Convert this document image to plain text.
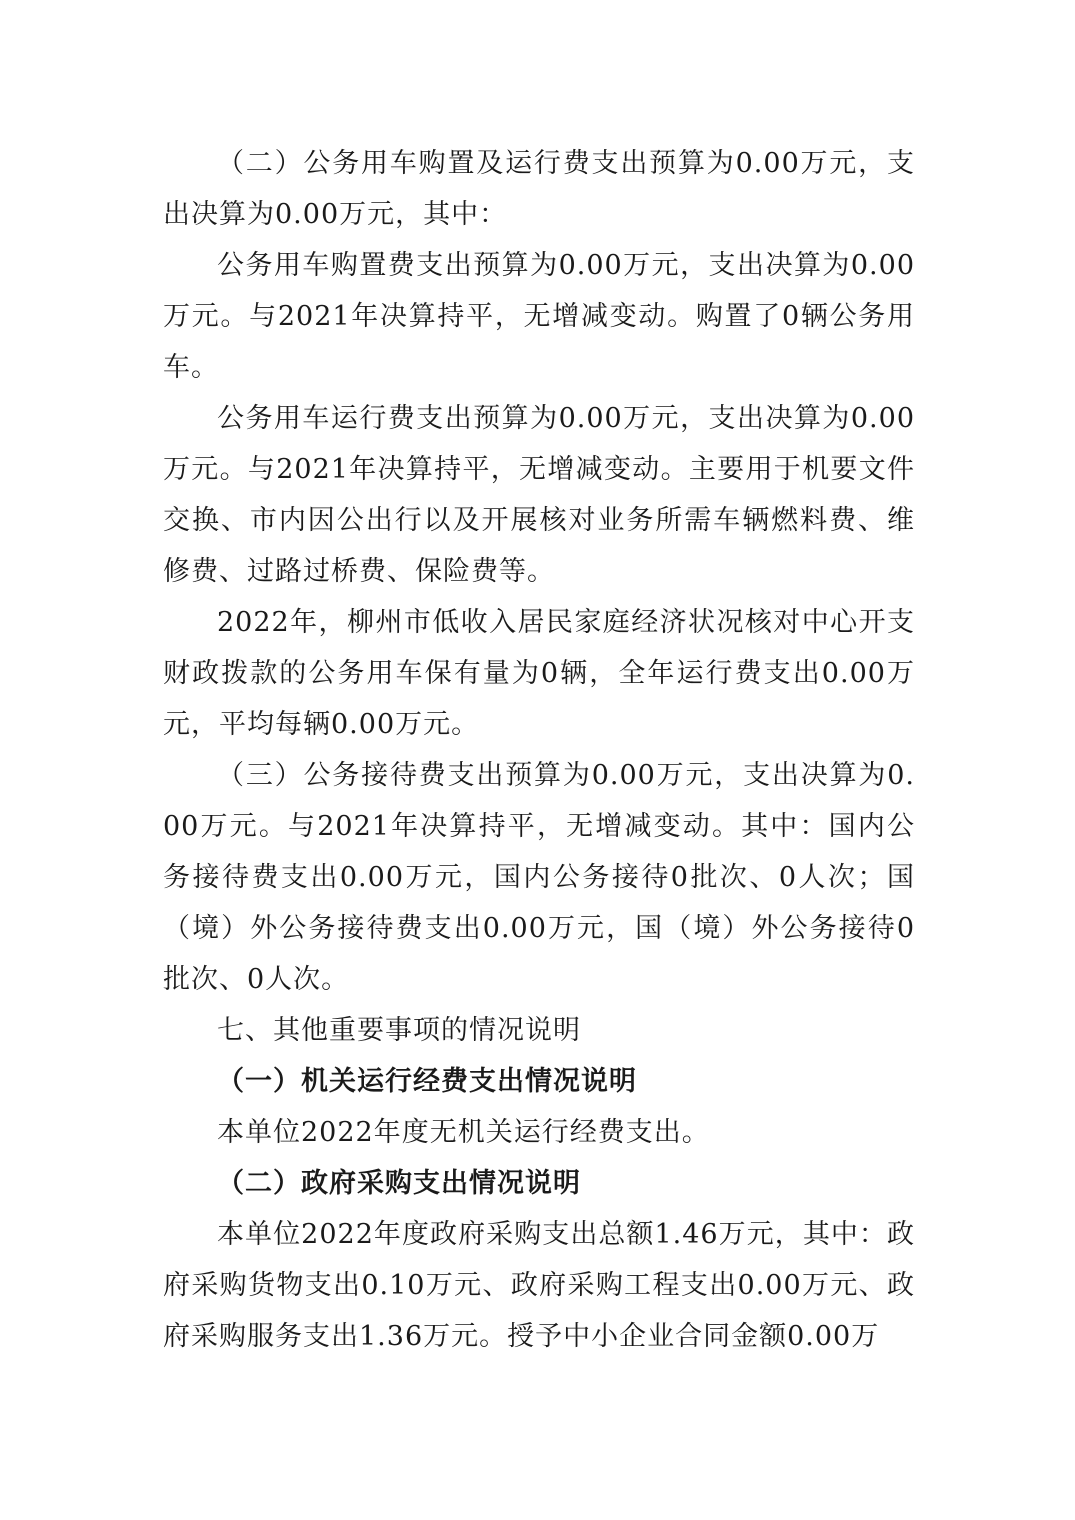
（二）公务用车购置及运行费支出预算为0.00万元，支出决算为0.00万元，其中：

公务用车购置费支出预算为0.00万元，支出决算为0.00万元。与2021年决算持平，无增减变动。购置了0辆公务用车。

公务用车运行费支出预算为0.00万元，支出决算为0.00万元。与2021年决算持平，无增减变动。主要用于机要文件交换、市内因公出行以及开展核对业务所需车辆燃料费、维修费、过路过桥费、保险费等。

2022年，柳州市低收入居民家庭经济状况核对中心开支财政拨款的公务用车保有量为0辆，全年运行费支出0.00万元，平均每辆0.00万元。

（三）公务接待费支出预算为0.00万元，支出决算为0.00万元。与2021年决算持平，无增减变动。其中：国内公务接待费支出0.00万元，国内公务接待0批次、0人次；国（境）外公务接待费支出0.00万元，国（境）外公务接待0批次、0人次。

七、其他重要事项的情况说明
（一）机关运行经费支出情况说明

本单位2022年度无机关运行经费支出。

（二）政府采购支出情况说明

本单位2022年度政府采购支出总额1.46万元，其中：政府采购货物支出0.10万元、政府采购工程支出0.00万元、政府采购服务支出1.36万元。授予中小企业合同金额0.00万
